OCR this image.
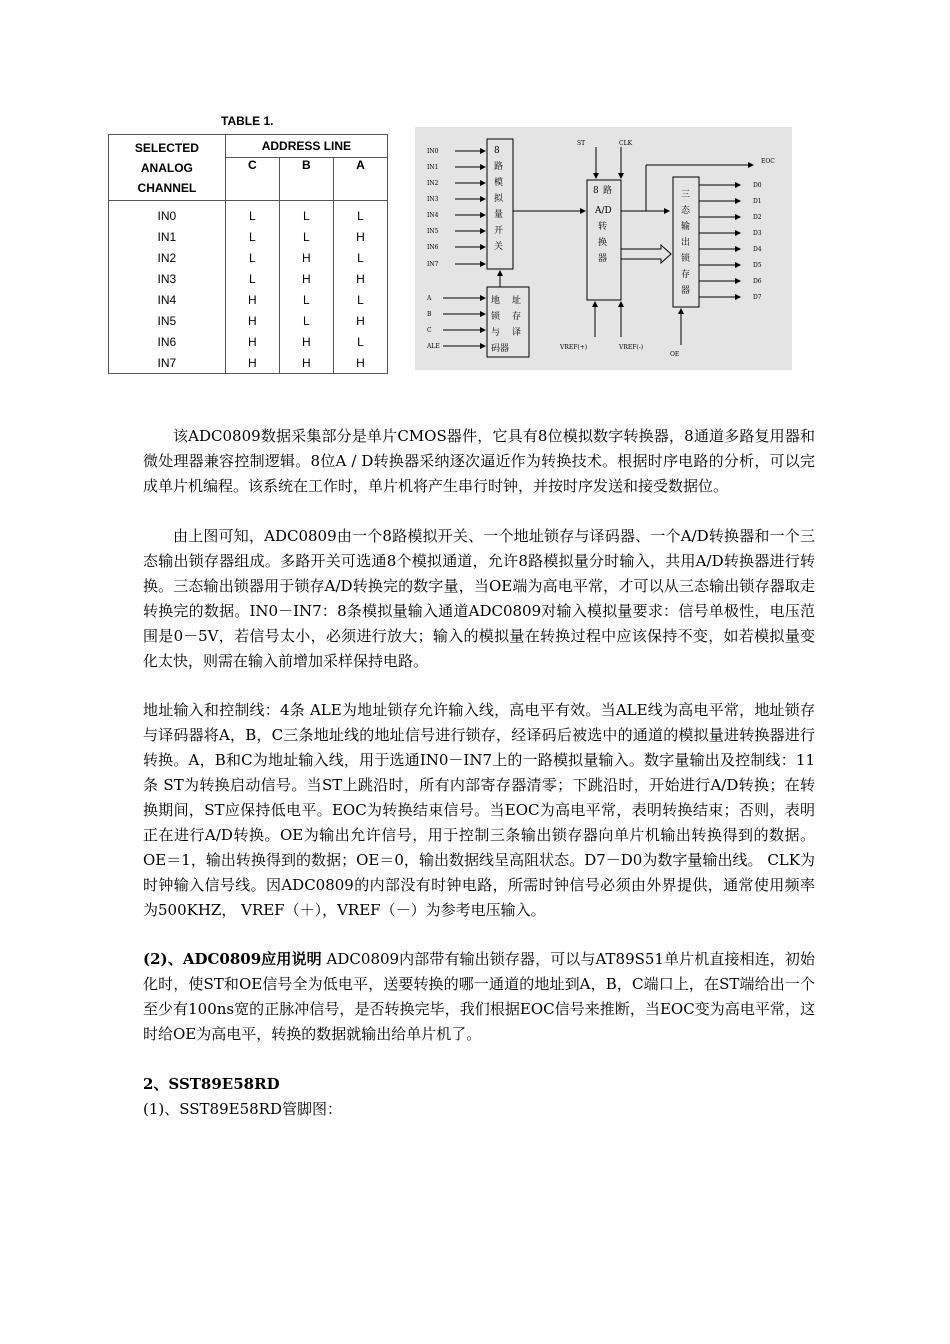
TABLE 1.
SELECTED
ANALOG
CHANNEL	ADDRESS LINE		
	C	B	A
IN0	L	L	L
IN1	L	L	H
IN2	L	H	L
IN3	L	H	H
IN4	H	L	L
IN5	H	L	H
IN6	H	H	L
IN7	H	H	H
IN0
IN1
IN2
IN3
IN4
IN5
IN6
IN7
A
B
C
ALE
ST	CLK
EOC
D0
D1
D2
D3
D4
D5
D6
D7
VREF(+)	VREF(-)
OE
8
路
模
拟
量
开
关
地 址
锁 存
与 译
码器
8 路
A/D
转
换
器
三
态
输
出
锁
存
器

该ADC0809数据采集部分是单片CMOS器件，它具有8位模拟数字转换器，8通道多路复用器和微处理器兼容控制逻辑。8位A / D转换器采纳逐次逼近作为转换技术。根据时序电路的分析，可以完成单片机编程。该系统在工作时，单片机将产生串行时钟，并按时序发送和接受数据位。

由上图可知，ADC0809由一个8路模拟开关、一个地址锁存与译码器、一个A/D转换器和一个三态输出锁存器组成。多路开关可选通8个模拟通道，允许8路模拟量分时输入，共用A/D转换器进行转换。三态输出锁器用于锁存A/D转换完的数字量，当OE端为高电平常，才可以从三态输出锁存器取走转换完的数据。IN0－IN7：8条模拟量输入通道ADC0809对输入模拟量要求：信号单极性，电压范围是0－5V，若信号太小，必须进行放大；输入的模拟量在转换过程中应该保持不变，如若模拟量变化太快，则需在输入前增加采样保持电路。

地址输入和控制线：4条 ALE为地址锁存允许输入线，高电平有效。当ALE线为高电平常，地址锁存与译码器将A，B，C三条地址线的地址信号进行锁存，经译码后被选中的通道的模拟量进转换器进行转换。A，B和C为地址输入线，用于选通IN0－IN7上的一路模拟量输入。数字量输出及控制线：11条 ST为转换启动信号。当ST上跳沿时，所有内部寄存器清零；下跳沿时，开始进行A/D转换；在转换期间，ST应保持低电平。EOC为转换结束信号。当EOC为高电平常，表明转换结束；否则，表明正在进行A/D转换。OE为输出允许信号，用于控制三条输出锁存器向单片机输出转换得到的数据。OE＝1，输出转换得到的数据；OE＝0，输出数据线呈高阻状态。D7－D0为数字量输出线。 CLK为时钟输入信号线。因ADC0809的内部没有时钟电路，所需时钟信号必须由外界提供，通常使用频率为500KHZ， VREF（＋），VREF（－）为参考电压输入。

(2)、ADC0809应用说明 ADC0809内部带有输出锁存器，可以与AT89S51单片机直接相连，初始化时，使ST和OE信号全为低电平，送要转换的哪一通道的地址到A，B，C端口上，在ST端给出一个至少有100ns宽的正脉冲信号，是否转换完毕，我们根据EOC信号来推断，当EOC变为高电平常，这时给OE为高电平，转换的数据就输出给单片机了。

2、SST89E58RD
(1)、SST89E58RD管脚图：
